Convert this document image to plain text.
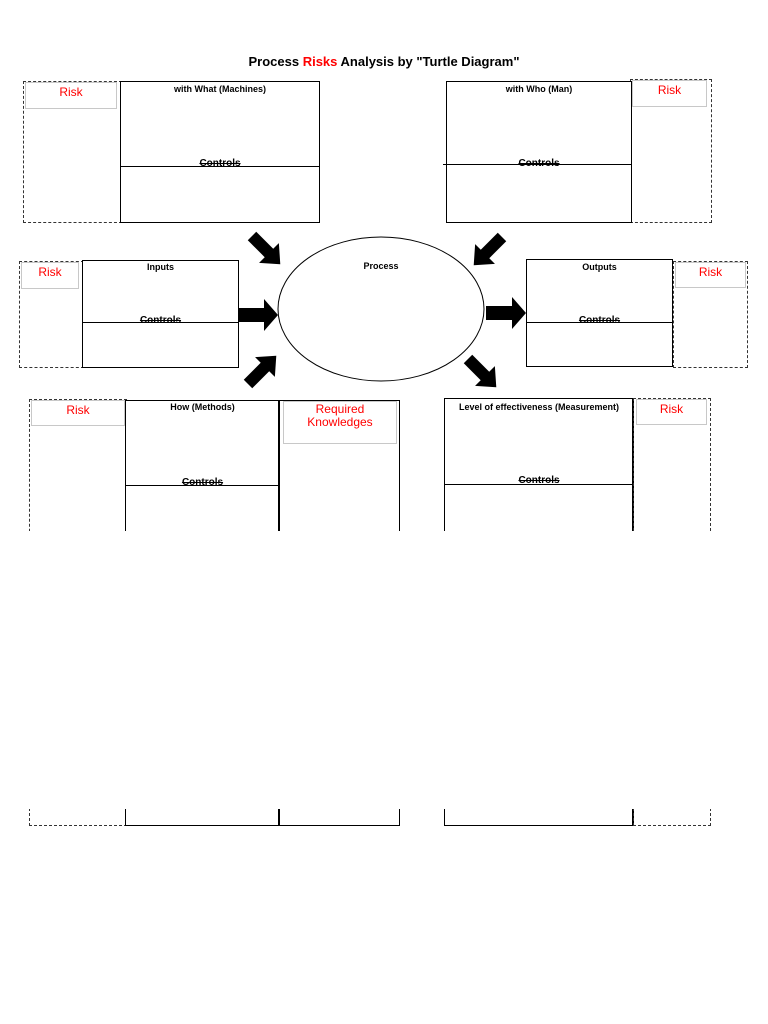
Process Risks Analysis by "Turtle Diagram"
Risk	with What (Machines)
Controls
Risk
with Who (Man)
Controls
Risk	Inputs
Controls
Process	Outputs
Controls
Risk
Risk	How (Methods)
Controls
Required Knowledges
Level of effectiveness (Measurement)
Controls
Risk
